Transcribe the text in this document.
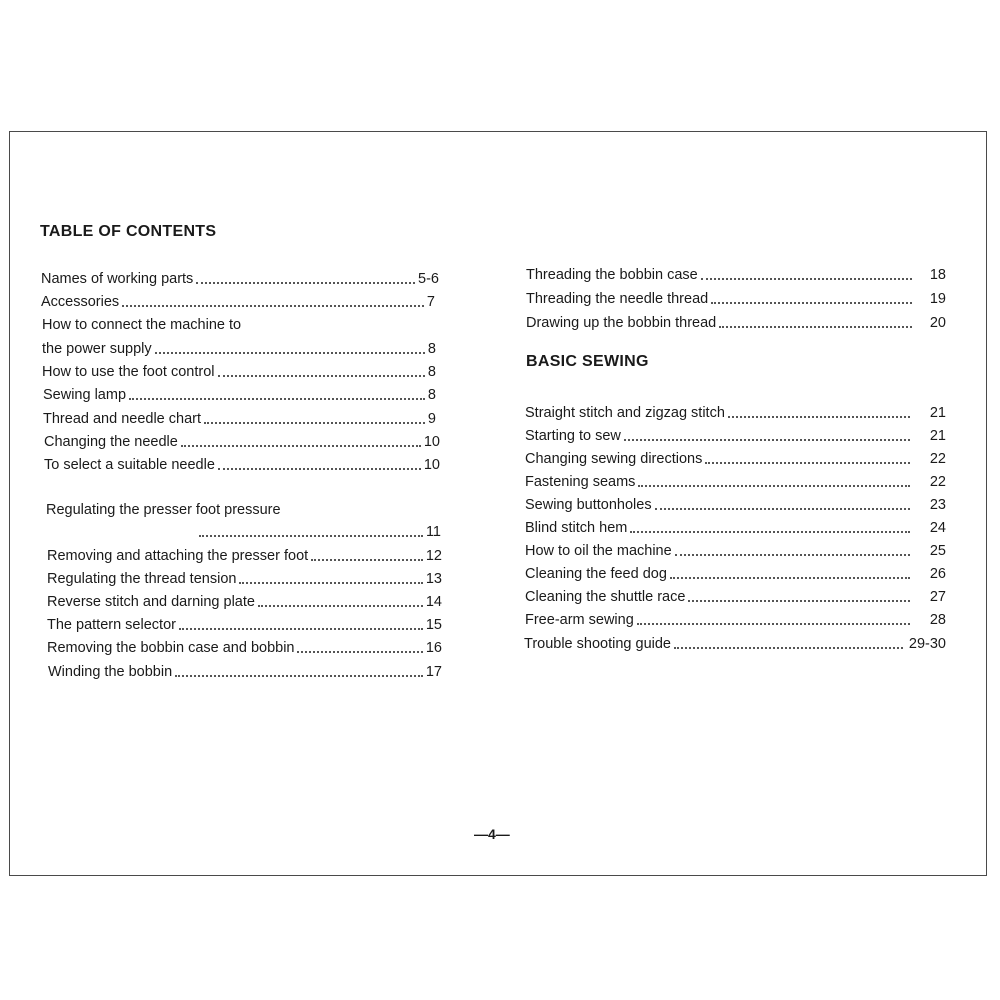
TABLE OF CONTENTS
Names of working parts	5-6
Accessories	7
How to connect the machine to
the power supply	8
How to use the foot control	8
Sewing lamp	8
Thread and needle chart	9
Changing the needle	10
To select a suitable needle	10
Regulating the presser foot pressure
11
Removing and attaching the presser foot	12
Regulating the thread tension	13
Reverse stitch and darning plate	14
The pattern selector	15
Removing the bobbin case and bobbin	16
Winding the bobbin	17
Threading the bobbin case	18
Threading the needle thread	19
Drawing up the bobbin thread	20
BASIC SEWING
Straight stitch and zigzag stitch	21
Starting to sew	21
Changing sewing directions	22
Fastening seams	22
Sewing buttonholes	23
Blind stitch hem	24
How to oil the machine	25
Cleaning the feed dog	26
Cleaning the shuttle race	27
Free-arm sewing	28
Trouble shooting guide	29-30
—4—
